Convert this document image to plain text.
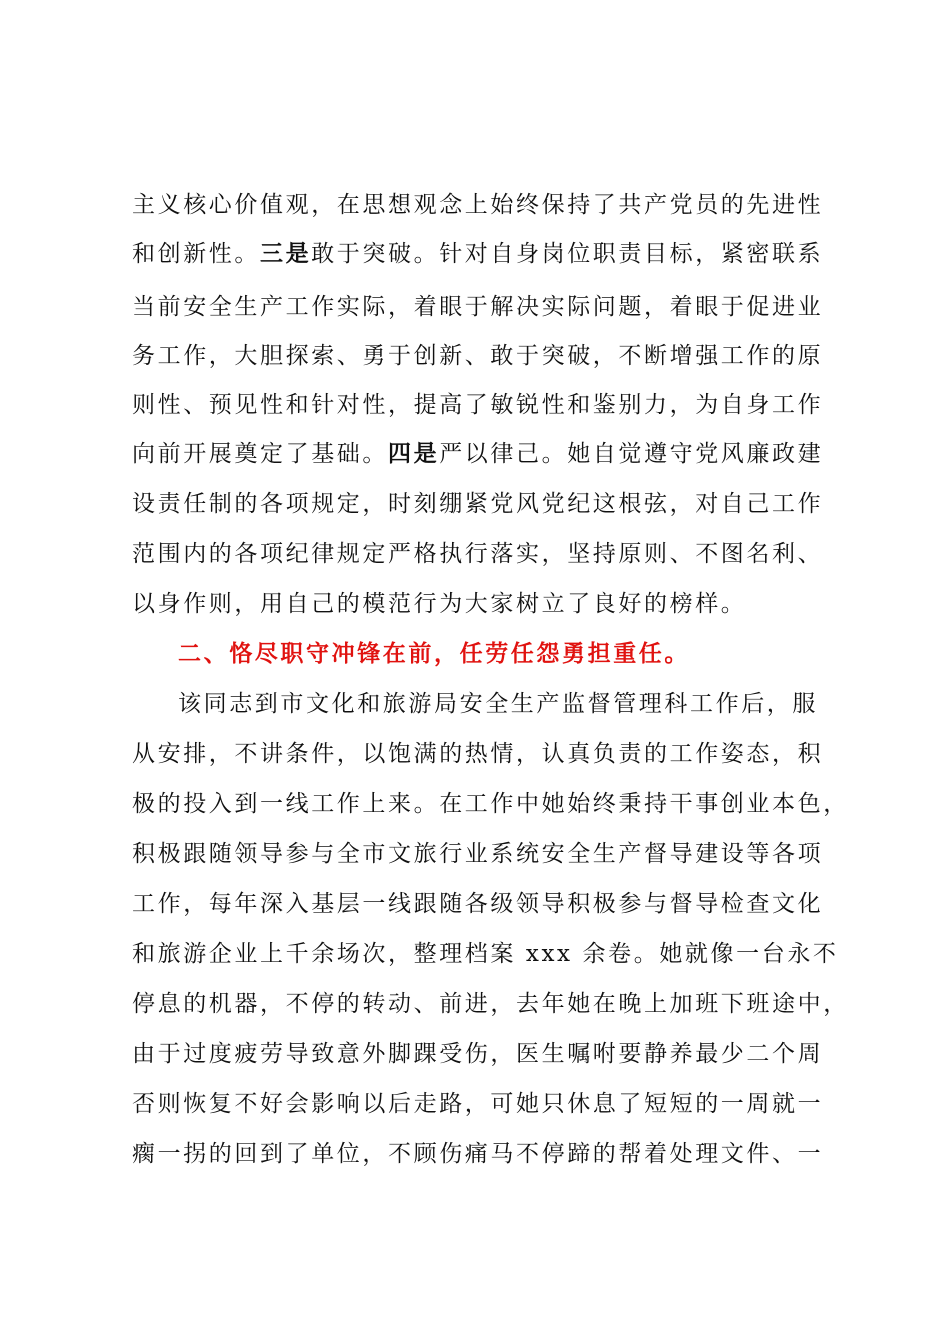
主义核心价值观，在思想观念上始终保持了共产党员的先进性
和创新性。三是敢于突破。针对自身岗位职责目标，紧密联系
当前安全生产工作实际，着眼于解决实际问题，着眼于促进业
务工作，大胆探索、勇于创新、敢于突破，不断增强工作的原
则性、预见性和针对性，提高了敏锐性和鉴别力，为自身工作
向前开展奠定了基础。四是严以律己。她自觉遵守党风廉政建
设责任制的各项规定，时刻绷紧党风党纪这根弦，对自己工作
范围内的各项纪律规定严格执行落实，坚持原则、不图名利、
以身作则，用自己的模范行为大家树立了良好的榜样。
二、恪尽职守冲锋在前，任劳任怨勇担重任。
该同志到市文化和旅游局安全生产监督管理科工作后，服
从安排，不讲条件，以饱满的热情，认真负责的工作姿态，积
极的投入到一线工作上来。在工作中她始终秉持干事创业本色，
积极跟随领导参与全市文旅行业系统安全生产督导建设等各项
工作，每年深入基层一线跟随各级领导积极参与督导检查文化
和旅游企业上千余场次，整理档案 xxx 余卷。她就像一台永不
停息的机器，不停的转动、前进，去年她在晚上加班下班途中，
由于过度疲劳导致意外脚踝受伤，医生嘱咐要静养最少二个周
否则恢复不好会影响以后走路，可她只休息了短短的一周就一
瘸一拐的回到了单位，不顾伤痛马不停蹄的帮着处理文件、一
